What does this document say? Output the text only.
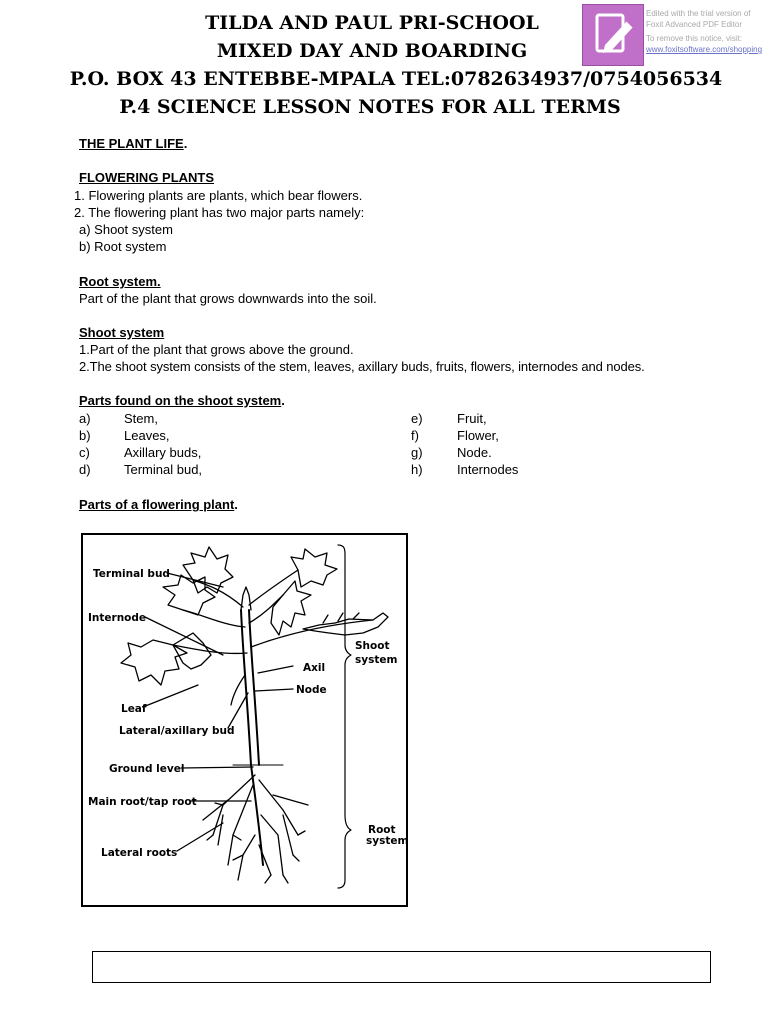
TILDA AND PAUL PRI-SCHOOL
MIXED DAY AND BOARDING
P.O. BOX 43 ENTEBBE-MPALA TEL:0782634937/0754056534
P.4 SCIENCE LESSON NOTES FOR ALL TERMS
Edited with the trial version of
Foxit Advanced PDF Editor
To remove this notice, visit:
www.foxitsoftware.com/shopping
THE PLANT LIFE.
FLOWERING PLANTS
1. Flowering plants are plants, which bear flowers.
2. The flowering plant has two major parts namely:
a) Shoot system
b) Root system
Root system.
Part of the plant that grows downwards into the soil.
Shoot system
1.Part of the plant that grows above the ground.
2.The shoot system consists of the stem, leaves, axillary buds, fruits, flowers, internodes and nodes.
Parts found on the shoot system.
a)	Stem,	e)	Fruit,
b)	Leaves,	f)	Flower,
c)	Axillary buds,	g)	Node.
d)	Terminal bud,	h)	Internodes
Parts of a flowering plant.
Terminal bud
Internode
Axil
Node
Leaf
Lateral/axillary bud
Ground level
Main root/tap root
Lateral roots
Shoot
system
Root
system
